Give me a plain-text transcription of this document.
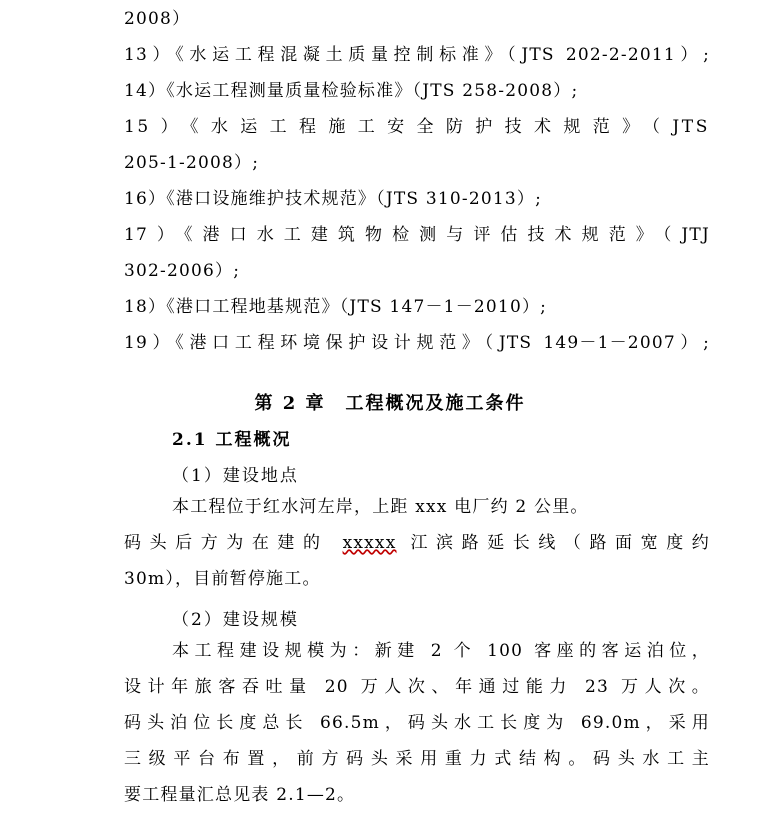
2008）
13）《水运工程混凝土质量控制标准》（JTS 202-2-2011）;
14）《水运工程测量质量检验标准》（JTS 258-2008）;
15）《水运工程施工安全防护技术规范》（JTS
205-1-2008）;
16）《港口设施维护技术规范》（JTS 310-2013）;
17）《港口水工建筑物检测与评估技术规范》（JTJ
302-2006）;
18）《港口工程地基规范》（JTS 147－1－2010）;
19）《港口工程环境保护设计规范》（JTS 149－1－2007）;
第 2 章　工程概况及施工条件
2.1 工程概况
（1）建设地点
本工程位于红水河左岸，上距 xxx 电厂约 2 公里。
码头后方为在建的 xxxxx 江滨路延长线（路面宽度约
30m），目前暂停施工。
（2）建设规模
本工程建设规模为：新建 2 个 100 客座的客运泊位，
设计年旅客吞吐量 20 万人次、年通过能力 23 万人次。
码头泊位长度总长 66.5m，码头水工长度为 69.0m，采用
三级平台布置，前方码头采用重力式结构。码头水工主
要工程量汇总见表 2.1—2。
